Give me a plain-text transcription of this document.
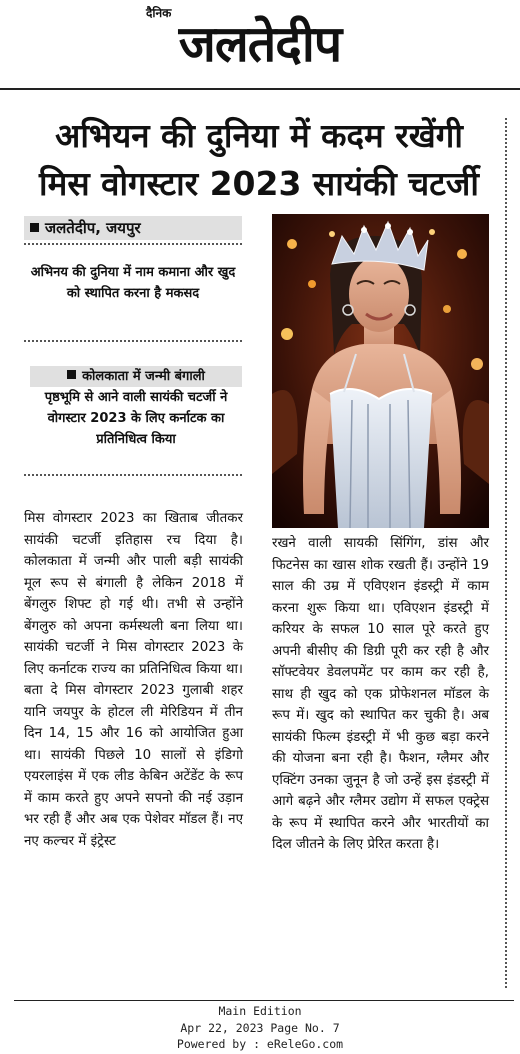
दैनिक
जलतेदीप
अभियन की दुनिया में कदम रखेंगी
मिस वोगस्टार 2023 सायंकी चटर्जी
जलतेदीप, जयपुर
अभिनय की दुनिया में नाम कमाना और खुद को स्थापित करना है मकसद
कोलकाता में जन्मी बंगाली
पृष्ठभूमि से आने वाली सायंकी चटर्जी ने वोगस्टार 2023 के लिए कर्नाटक का प्रतिनिधित्व किया
मिस वोगस्टार 2023 का खिताब जीतकर सायंकी चटर्जी इतिहास रच दिया है। कोलकाता में जन्मी और पाली बड़ी सायंकी मूल रूप से बंगाली है लेकिन 2018 में बेंगलुरु शिफ्ट हो गई थी। तभी से उन्होंने बेंगलुरु को अपना कर्मस्थली बना लिया था। सायंकी चटर्जी ने मिस वोगस्टार 2023 के लिए कर्नाटक राज्य का प्रतिनिधित्व किया था। बता दे मिस वोगस्टार 2023 गुलाबी शहर यानि जयपुर के होटल ली मेरिडियन में तीन दिन 14, 15 और 16 को आयोजित हुआ था। सायंकी पिछले 10 सालों से इंडिगो एयरलाइंस में एक लीड केबिन अटेंडेंट के रूप में काम करते हुए अपने सपनो की नई उड़ान भर रही हैं और अब एक पेशेवर मॉडल हैं। नए नए कल्चर में इंट्रेस्ट
रखने वाली सायकी सिंगिंग, डांस और फिटनेस का खास शोक रखती हैं। उन्होंने 19 साल की उम्र में एविएशन इंडस्ट्री में काम करना शुरू किया था। एविएशन इंडस्ट्री में करियर के सफल 10 साल पूरे करते हुए अपनी बीसीए की डिग्री पूरी कर रही है और सॉफ्टवेयर डेवलपमेंट पर काम कर रही है, साथ ही खुद को एक प्रोफेशनल मॉडल के रूप में। खुद को स्थापित कर चुकी है। अब सायंकी फिल्म इंडस्ट्री में भी कुछ बड़ा करने की योजना बना रही है। फैशन, ग्लैमर और एक्टिंग उनका जुनून है जो उन्हें इस इंडस्ट्री में आगे बढ़ने और ग्लैमर उद्योग में सफल एक्ट्रेस के रूप में स्थापित करने और भारतीयों का दिल जीतने के लिए प्रेरित करता है।
Main Edition
Apr 22, 2023 Page No. 7
Powered by : eReleGo.com
